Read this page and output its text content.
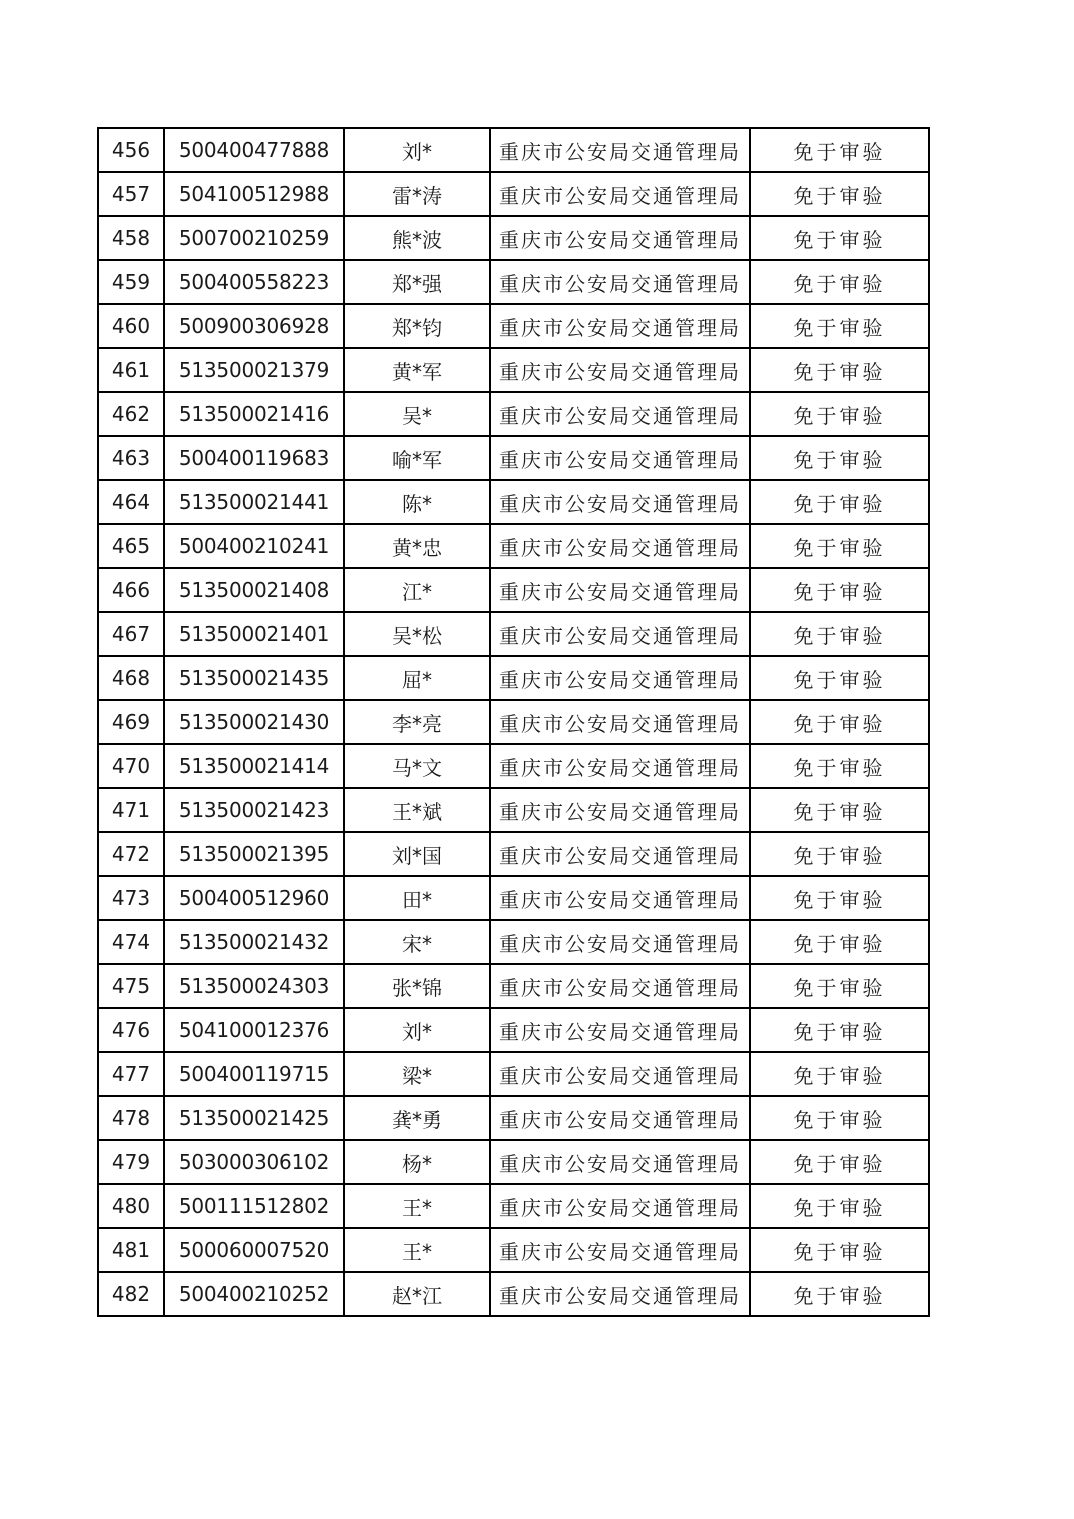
456	500400477888	刘*	重庆市公安局交通管理局	免于审验
457	504100512988	雷*涛	重庆市公安局交通管理局	免于审验
458	500700210259	熊*波	重庆市公安局交通管理局	免于审验
459	500400558223	郑*强	重庆市公安局交通管理局	免于审验
460	500900306928	郑*钧	重庆市公安局交通管理局	免于审验
461	513500021379	黄*军	重庆市公安局交通管理局	免于审验
462	513500021416	吴*	重庆市公安局交通管理局	免于审验
463	500400119683	喻*军	重庆市公安局交通管理局	免于审验
464	513500021441	陈*	重庆市公安局交通管理局	免于审验
465	500400210241	黄*忠	重庆市公安局交通管理局	免于审验
466	513500021408	江*	重庆市公安局交通管理局	免于审验
467	513500021401	吴*松	重庆市公安局交通管理局	免于审验
468	513500021435	屈*	重庆市公安局交通管理局	免于审验
469	513500021430	李*亮	重庆市公安局交通管理局	免于审验
470	513500021414	马*文	重庆市公安局交通管理局	免于审验
471	513500021423	王*斌	重庆市公安局交通管理局	免于审验
472	513500021395	刘*国	重庆市公安局交通管理局	免于审验
473	500400512960	田*	重庆市公安局交通管理局	免于审验
474	513500021432	宋*	重庆市公安局交通管理局	免于审验
475	513500024303	张*锦	重庆市公安局交通管理局	免于审验
476	504100012376	刘*	重庆市公安局交通管理局	免于审验
477	500400119715	梁*	重庆市公安局交通管理局	免于审验
478	513500021425	龚*勇	重庆市公安局交通管理局	免于审验
479	503000306102	杨*	重庆市公安局交通管理局	免于审验
480	500111512802	王*	重庆市公安局交通管理局	免于审验
481	500060007520	王*	重庆市公安局交通管理局	免于审验
482	500400210252	赵*江	重庆市公安局交通管理局	免于审验
